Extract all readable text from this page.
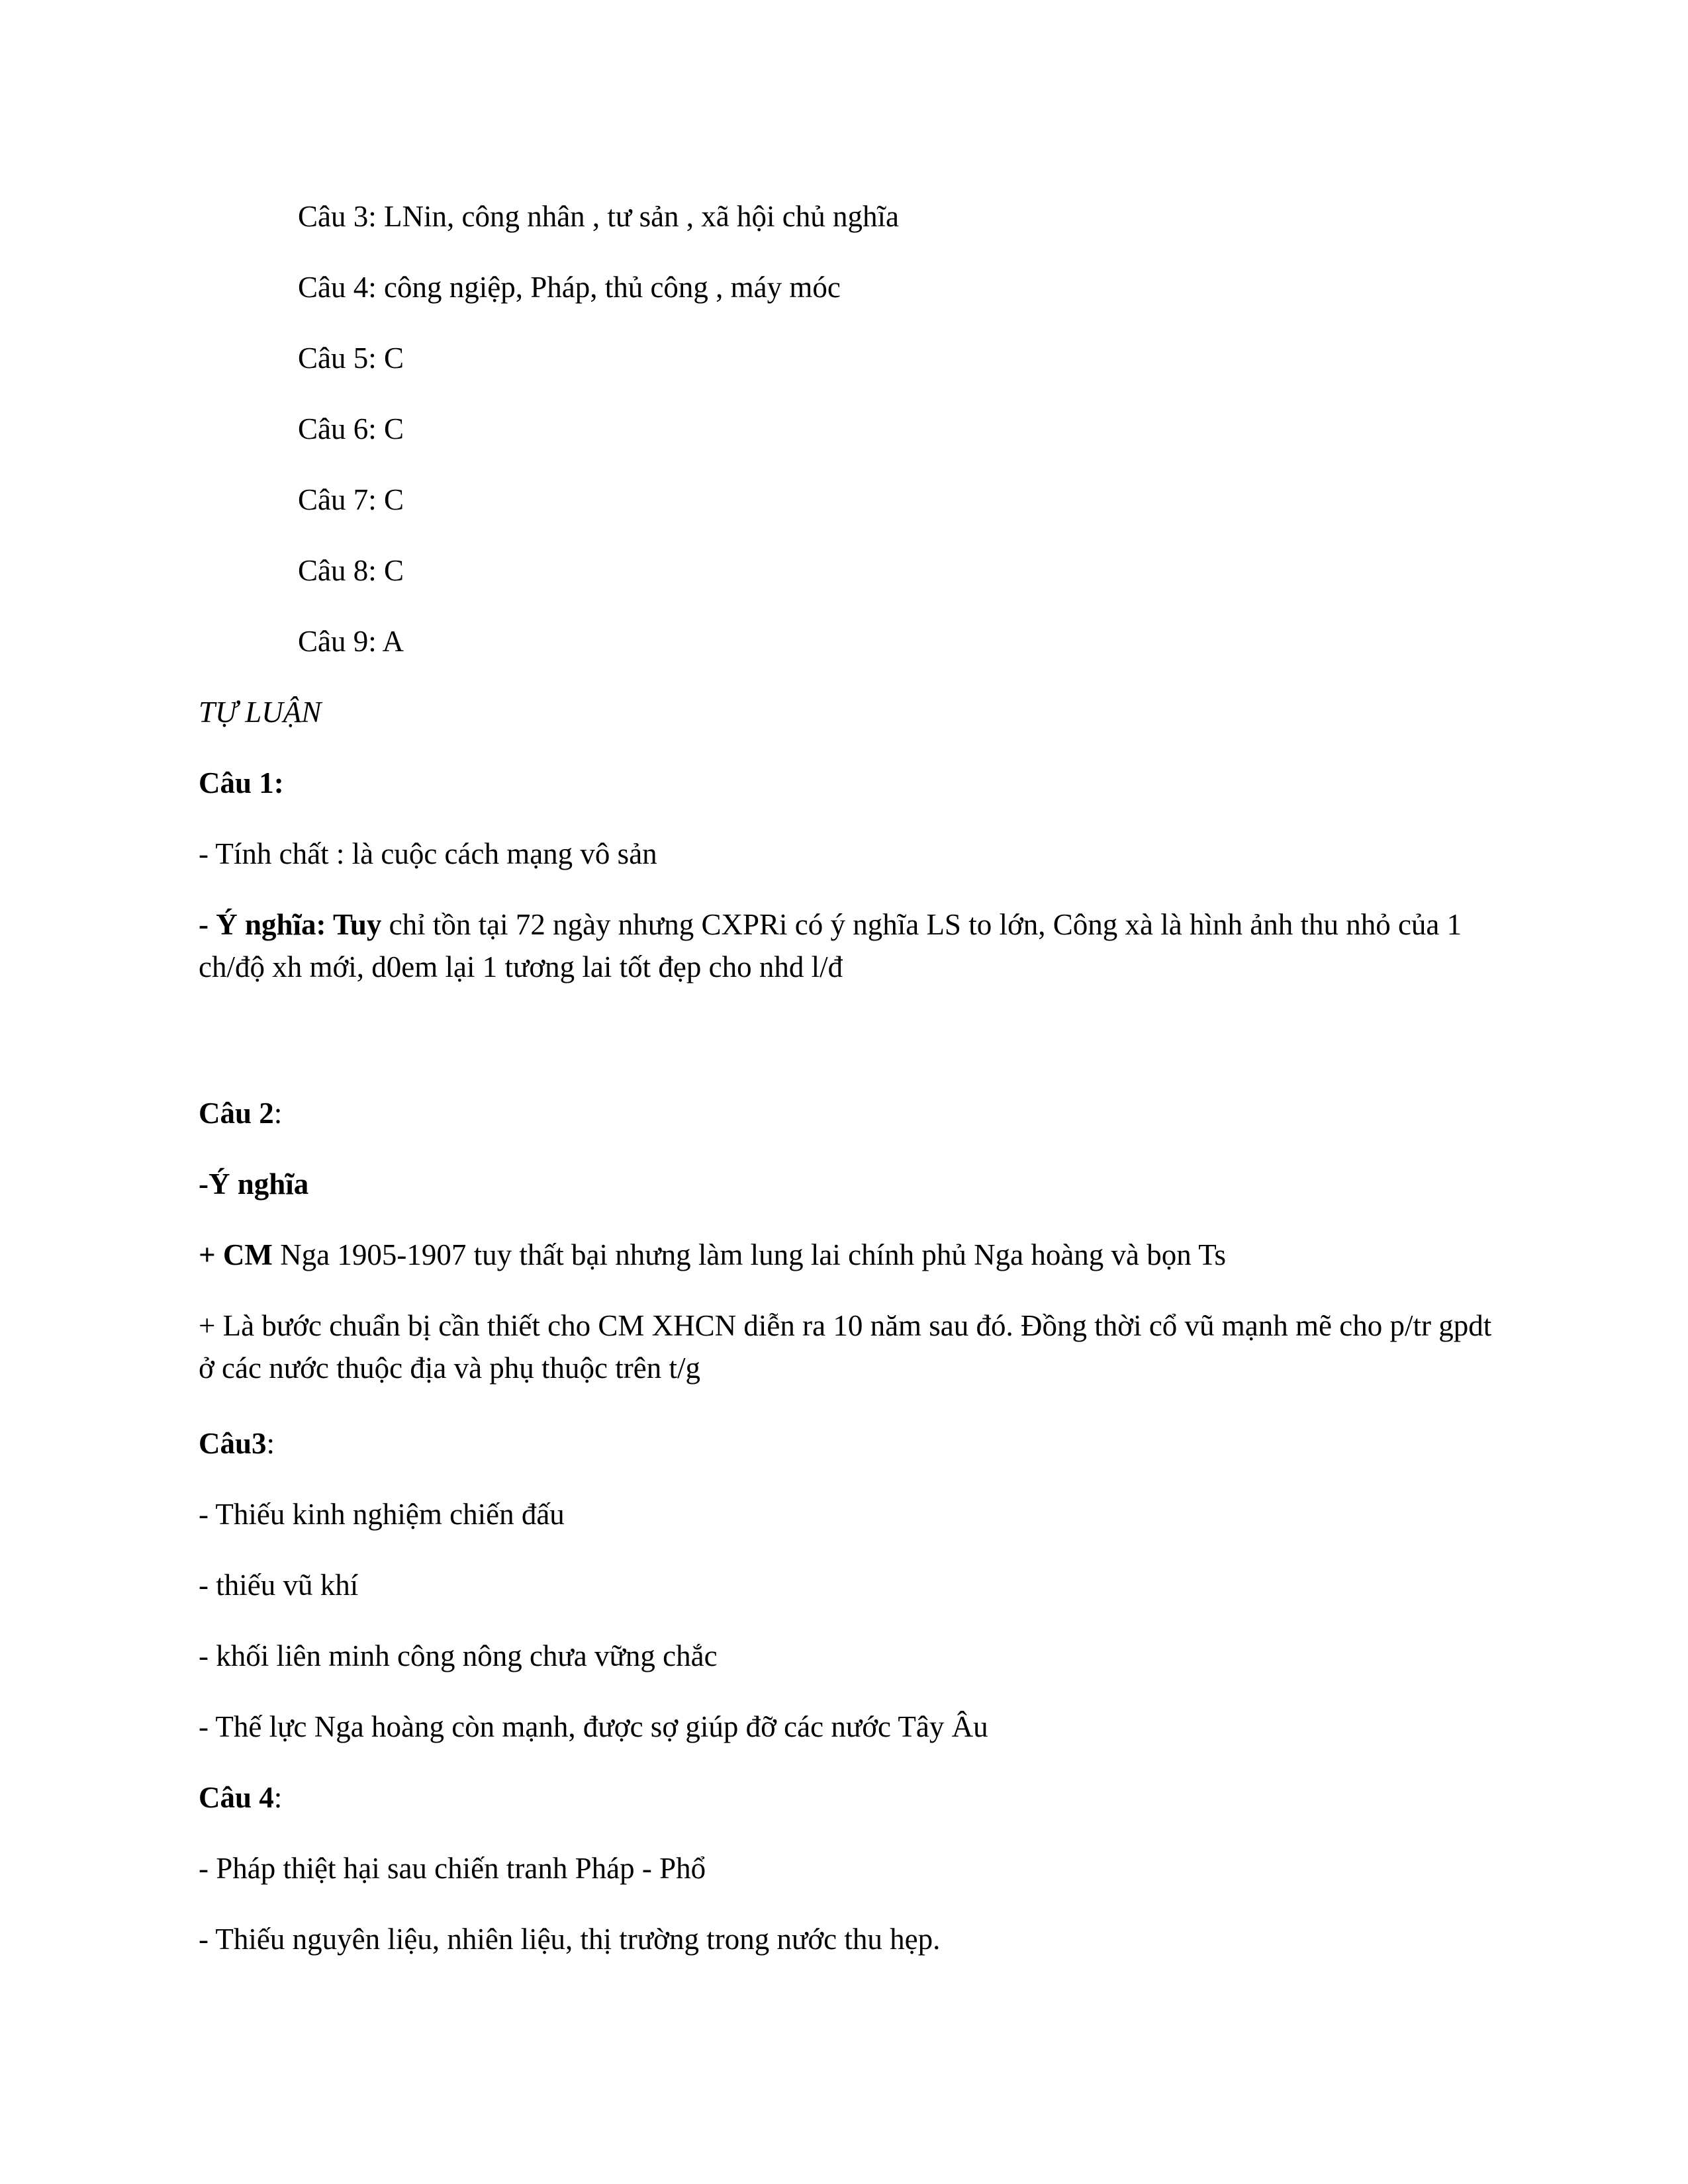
Câu 3: LNin, công nhân , tư sản , xã hội chủ nghĩa
Câu 4: công ngiệp, Pháp, thủ công , máy móc
Câu 5: C
Câu 6: C
Câu 7: C
Câu 8: C
Câu 9: A
TỰ LUẬN
Câu 1:
- Tính chất : là cuộc cách mạng vô sản
- Ý nghĩa: Tuy chỉ tồn tại 72 ngày nhưng CXPRi có ý nghĩa LS to lớn, Công xà là hình ảnh thu nhỏ của 1 ch/độ xh mới, d0em lại 1 tương lai tốt đẹp cho nhd l/đ
Câu 2:
-Ý nghĩa
+ CM Nga 1905-1907 tuy thất bại nhưng làm lung lai chính phủ Nga hoàng và bọn Ts
+ Là bước chuẩn bị cần thiết cho CM XHCN diễn ra 10 năm sau đó. Đồng thời cổ vũ mạnh mẽ cho p/tr gpdt ở các nước thuộc địa và phụ thuộc trên t/g
Câu3:
- Thiếu kinh nghiệm chiến đấu
- thiếu vũ khí
- khối liên minh công nông chưa vững chắc
- Thế lực Nga hoàng còn mạnh, được sợ giúp đỡ các nước Tây Âu
Câu 4:
- Pháp thiệt hại sau chiến tranh Pháp - Phổ
- Thiếu nguyên liệu, nhiên liệu, thị trường trong nước thu hẹp.
